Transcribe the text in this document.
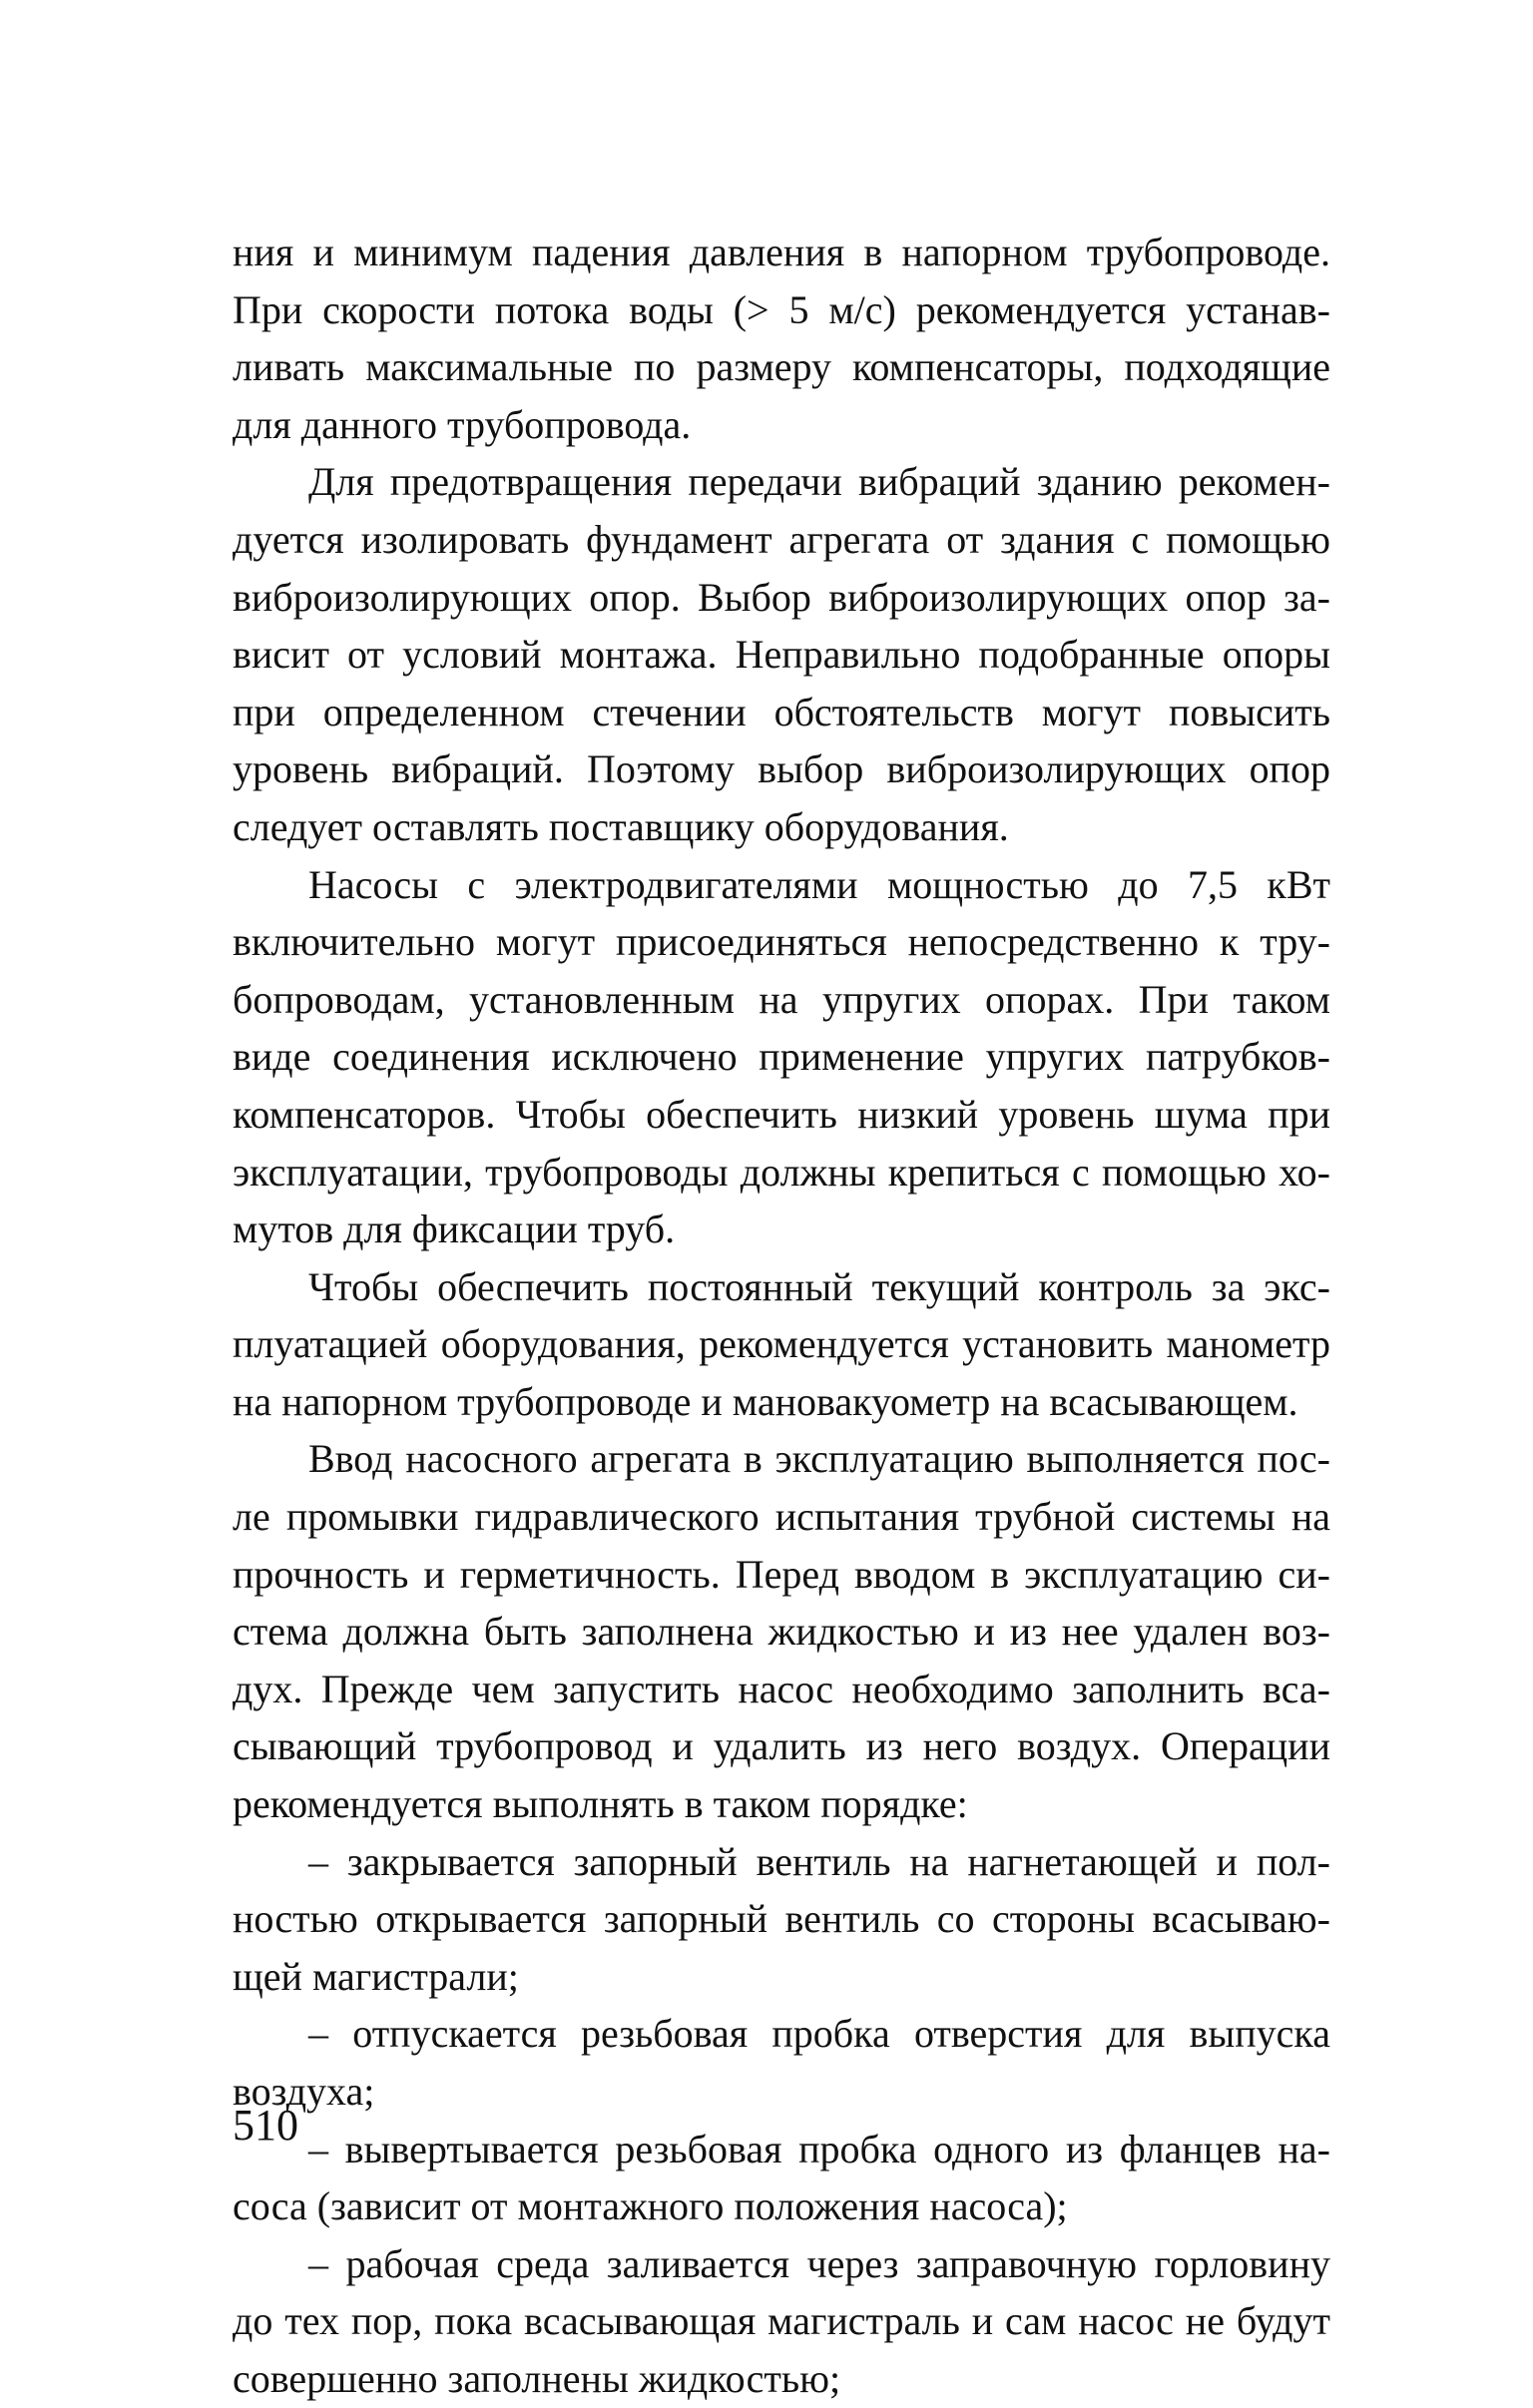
ния и минимум падения давления в напорном трубопроводе. При скорости потока воды (> 5 м/с) рекомендуется устанавливать максимальные по размеру компенсаторы, подходящие для данного трубопровода.

Для предотвращения передачи вибраций зданию рекомендуется изолировать фундамент агрегата от здания с помощью виброизолирующих опор. Выбор виброизолирующих опор зависит от условий монтажа. Неправильно подобранные опоры при определенном стечении обстоятельств могут повысить уровень вибраций. Поэтому выбор виброизолирующих опор следует оставлять поставщику оборудования.

Насосы с электродвигателями мощностью до 7,5 кВт включительно могут присоединяться непосредственно к трубопроводам, установленным на упругих опорах. При таком виде соединения исключено применение упругих патрубков-компенсаторов. Чтобы обеспечить низкий уровень шума при эксплуатации, трубопроводы должны крепиться с помощью хомутов для фиксации труб.

Чтобы обеспечить постоянный текущий контроль за эксплуатацией оборудования, рекомендуется установить манометр на напорном трубопроводе и мановакуометр на всасывающем.

Ввод насосного агрегата в эксплуатацию выполняется после промывки гидравлического испытания трубной системы на прочность и герметичность. Перед вводом в эксплуатацию система должна быть заполнена жидкостью и из нее удален воздух. Прежде чем запустить насос необходимо заполнить всасывающий трубопровод и удалить из него воздух. Операции рекомендуется выполнять в таком порядке:

– закрывается запорный вентиль на нагнетающей и полностью открывается запорный вентиль со стороны всасывающей магистрали;

– отпускается резьбовая пробка отверстия для выпуска воздуха;

– вывертывается резьбовая пробка одного из фланцев насоса (зависит от монтажного положения насоса);

– рабочая среда заливается через заправочную горловину до тех пор, пока всасывающая магистраль и сам насос не будут совершенно заполнены жидкостью;

510
